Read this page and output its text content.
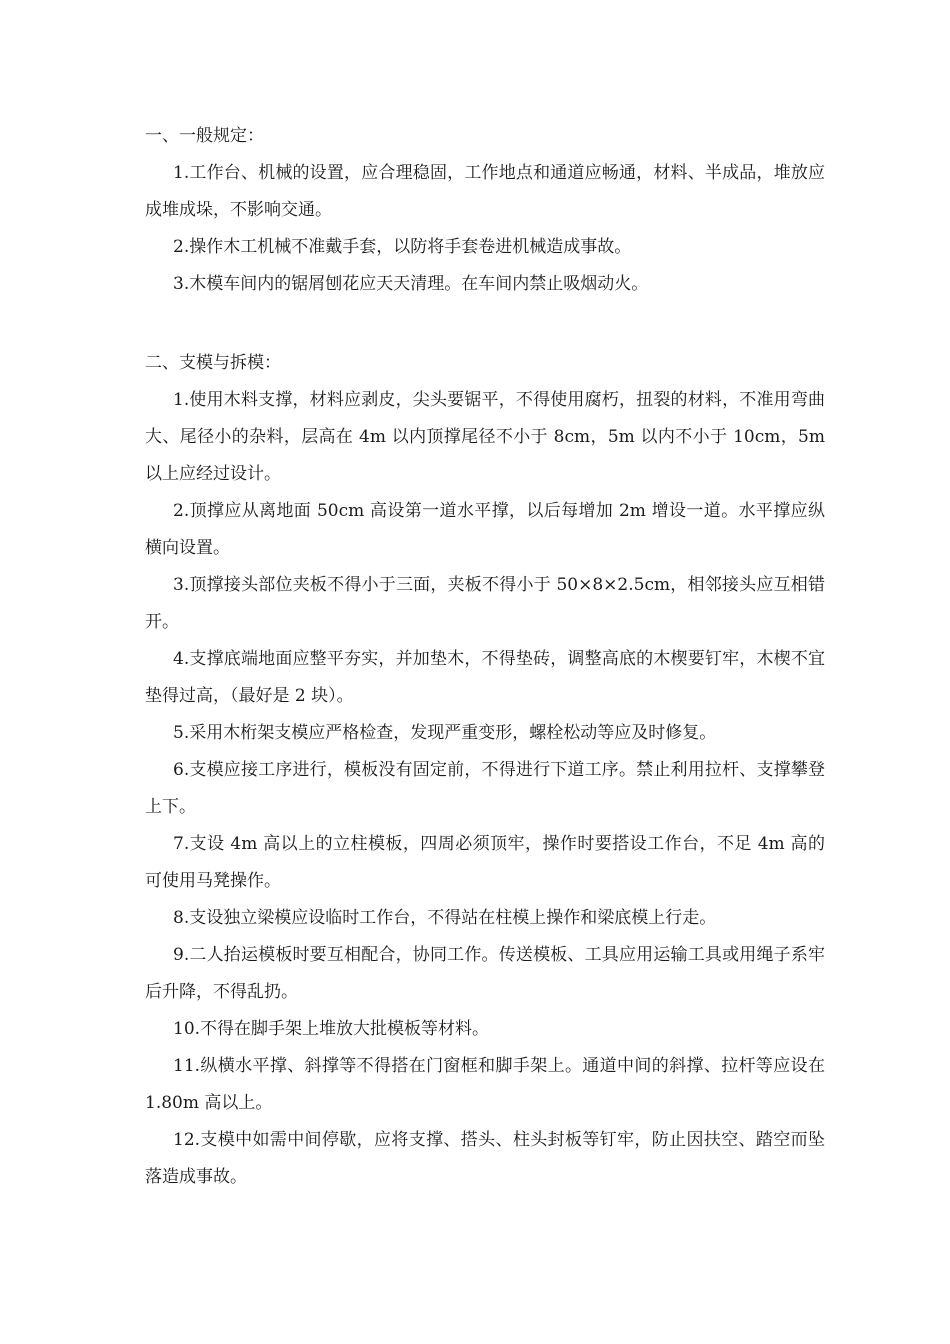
一、一般规定：

1.工作台、机械的设置，应合理稳固，工作地点和通道应畅通，材料、半成品，堆放应成堆成垛，不影响交通。

2.操作木工机械不准戴手套，以防将手套卷进机械造成事故。

3.木模车间内的锯屑刨花应天天清理。在车间内禁止吸烟动火。

二、支模与拆模：

1.使用木料支撑，材料应剥皮，尖头要锯平，不得使用腐朽，扭裂的材料，不准用弯曲大、尾径小的杂料，层高在 4m 以内顶撑尾径不小于 8cm，5m 以内不小于 10cm，5m 以上应经过设计。

2.顶撑应从离地面 50cm 高设第一道水平撑，以后每增加 2m 增设一道。水平撑应纵横向设置。

3.顶撑接头部位夹板不得小于三面，夹板不得小于 50×8×2.5cm，相邻接头应互相错开。

4.支撑底端地面应整平夯实，并加垫木，不得垫砖，调整高底的木楔要钉牢，木楔不宜垫得过高，（最好是 2 块）。

5.采用木桁架支模应严格检查，发现严重变形，螺栓松动等应及时修复。

6.支模应接工序进行，模板没有固定前，不得进行下道工序。禁止利用拉杆、支撑攀登上下。

7.支设 4m 高以上的立柱模板，四周必须顶牢，操作时要搭设工作台，不足 4m 高的可使用马凳操作。

8.支设独立梁模应设临时工作台，不得站在柱模上操作和梁底模上行走。

9.二人抬运模板时要互相配合，协同工作。传送模板、工具应用运输工具或用绳子系牢后升降，不得乱扔。

10.不得在脚手架上堆放大批模板等材料。

11.纵横水平撑、斜撑等不得搭在门窗框和脚手架上。通道中间的斜撑、拉杆等应设在 1.80m 高以上。

12.支模中如需中间停歇，应将支撑、搭头、柱头封板等钉牢，防止因扶空、踏空而坠落造成事故。
